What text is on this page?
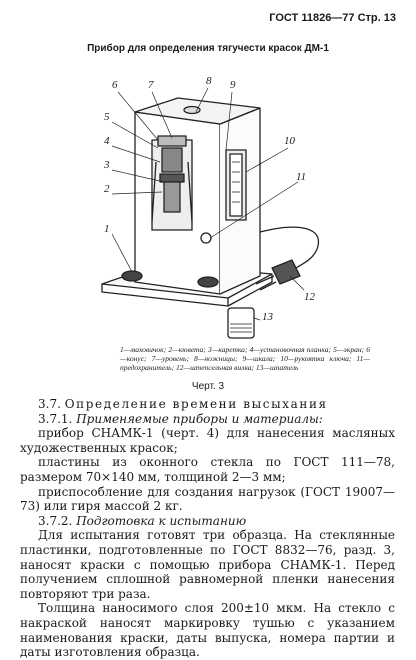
ГОСТ 11826—77 Стр. 13
Прибор для определения тягучести красок ДМ-1
6	7	8 9
5
4
3
2
1
10
11
12
13
1—маховичок; 2—кювета; 3—каретка; 4—установочная планка; 5—экран; 6—конус; 7—уровень; 8—ножницы; 9—шкала; 10—рукоятка ключа; 11—предохранитель; 12—штепсельная вилка; 13—шпатель
Черт. 3

3.7. Определение времени высыхания

3.7.1. Применяемые приборы и материалы:

прибор СНАМК-1 (черт. 4) для нанесения масляных художественных красок;

пластины из оконного стекла по ГОСТ 111—78, размером 70×140 мм, толщиной 2—3 мм;

приспособление для создания нагрузок (ГОСТ 19007—73) или гиря массой 2 кг.

3.7.2. Подготовка к испытанию

Для испытания готовят три образца. На стеклянные пластинки, подготовленные по ГОСТ 8832—76, разд. 3, наносят краски с помощью прибора СНАМК-1. Перед получением сплошной равномерной пленки нанесения повторяют три раза.

Толщина наносимого слоя 200±10 мкм. На стекло с накраской наносят маркировку тушью с указанием наименования краски, даты выпуска, номера партии и даты изготовления образца.
